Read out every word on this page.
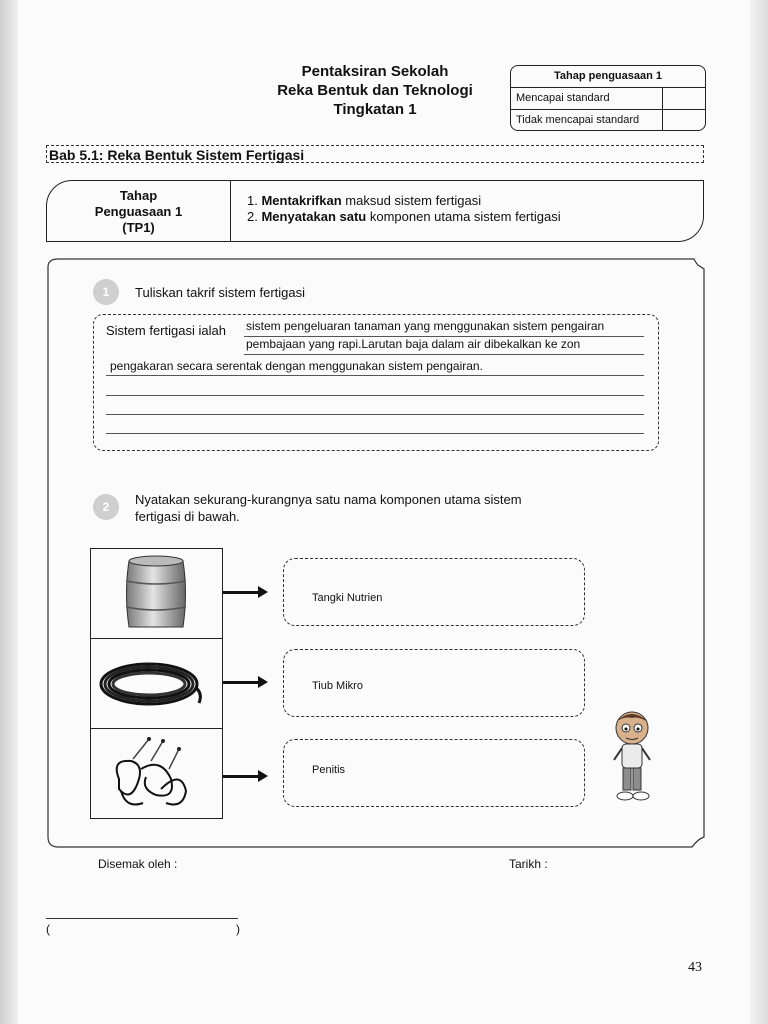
Pentaksiran Sekolah
Reka Bentuk dan Teknologi
Tingkatan 1
Tahap penguasaan 1
Mencapai standard
Tidak mencapai standard
Bab 5.1: Reka Bentuk Sistem Fertigasi
Tahap
Penguasaan 1
(TP1)
1. Mentakrifkan maksud sistem fertigasi
2. Menyatakan satu komponen utama sistem fertigasi
1	Tuliskan takrif sistem fertigasi
Sistem fertigasi ialah sistem pengeluaran tanaman yang menggunakan sistem pengairan
pembajaan yang rapi.Larutan baja dalam air dibekalkan ke zon
pengakaran secara serentak dengan menggunakan sistem pengairan.
2	Nyatakan sekurang-kurangnya satu nama komponen utama sistem
fertigasi di bawah.
Tangki Nutrien
Tiub Mikro
Penitis
Disemak oleh :	Tarikh :
(	)
43
